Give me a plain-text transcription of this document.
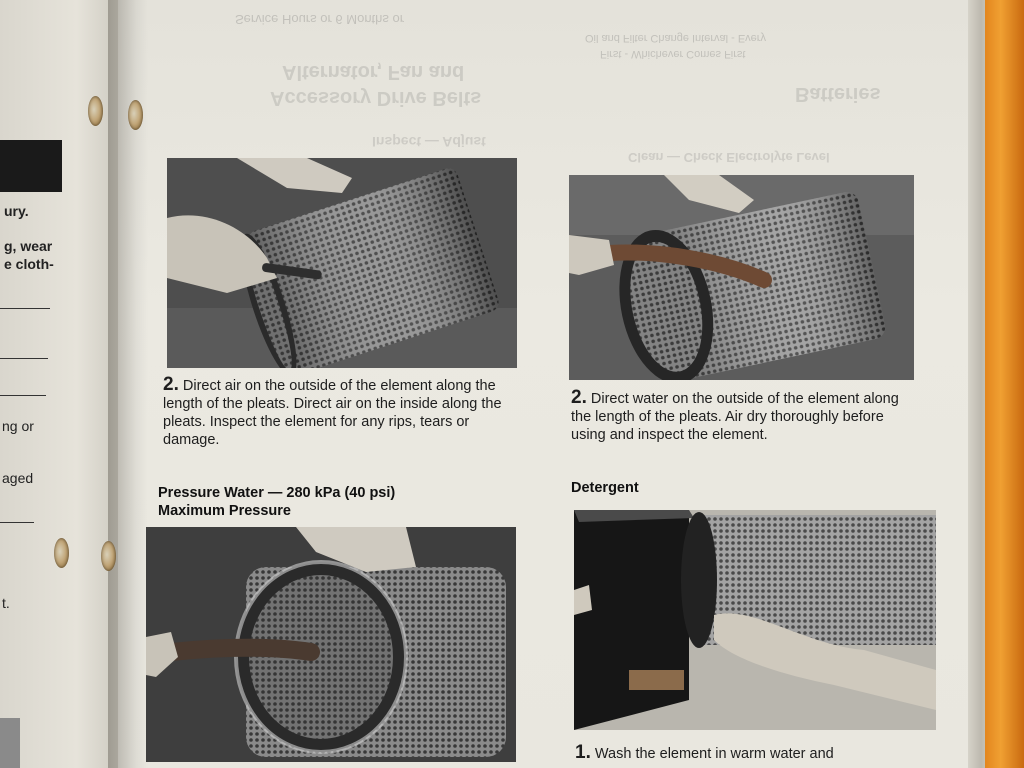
ury.
g, wear
e cloth-
ng or
aged
t.
Alternator, Fan and
Accessory Drive Belts
Inspect — Adjust
Batteries
Clean — Check Electrolyte Level
Service Hours or 6 Months or
Oil and Filter Change Interval - Every
First - Whichever Comes First
2. Direct air on the outside of the element along the length of the pleats. Direct air on the inside along the pleats. Inspect the element for any rips, tears or damage.
2. Direct water on the outside of the element along the length of the pleats. Air dry thoroughly before using and inspect the element.
Pressure Water — 280 kPa (40 psi)
Maximum Pressure
Detergent
1. Wash the element in warm water and
